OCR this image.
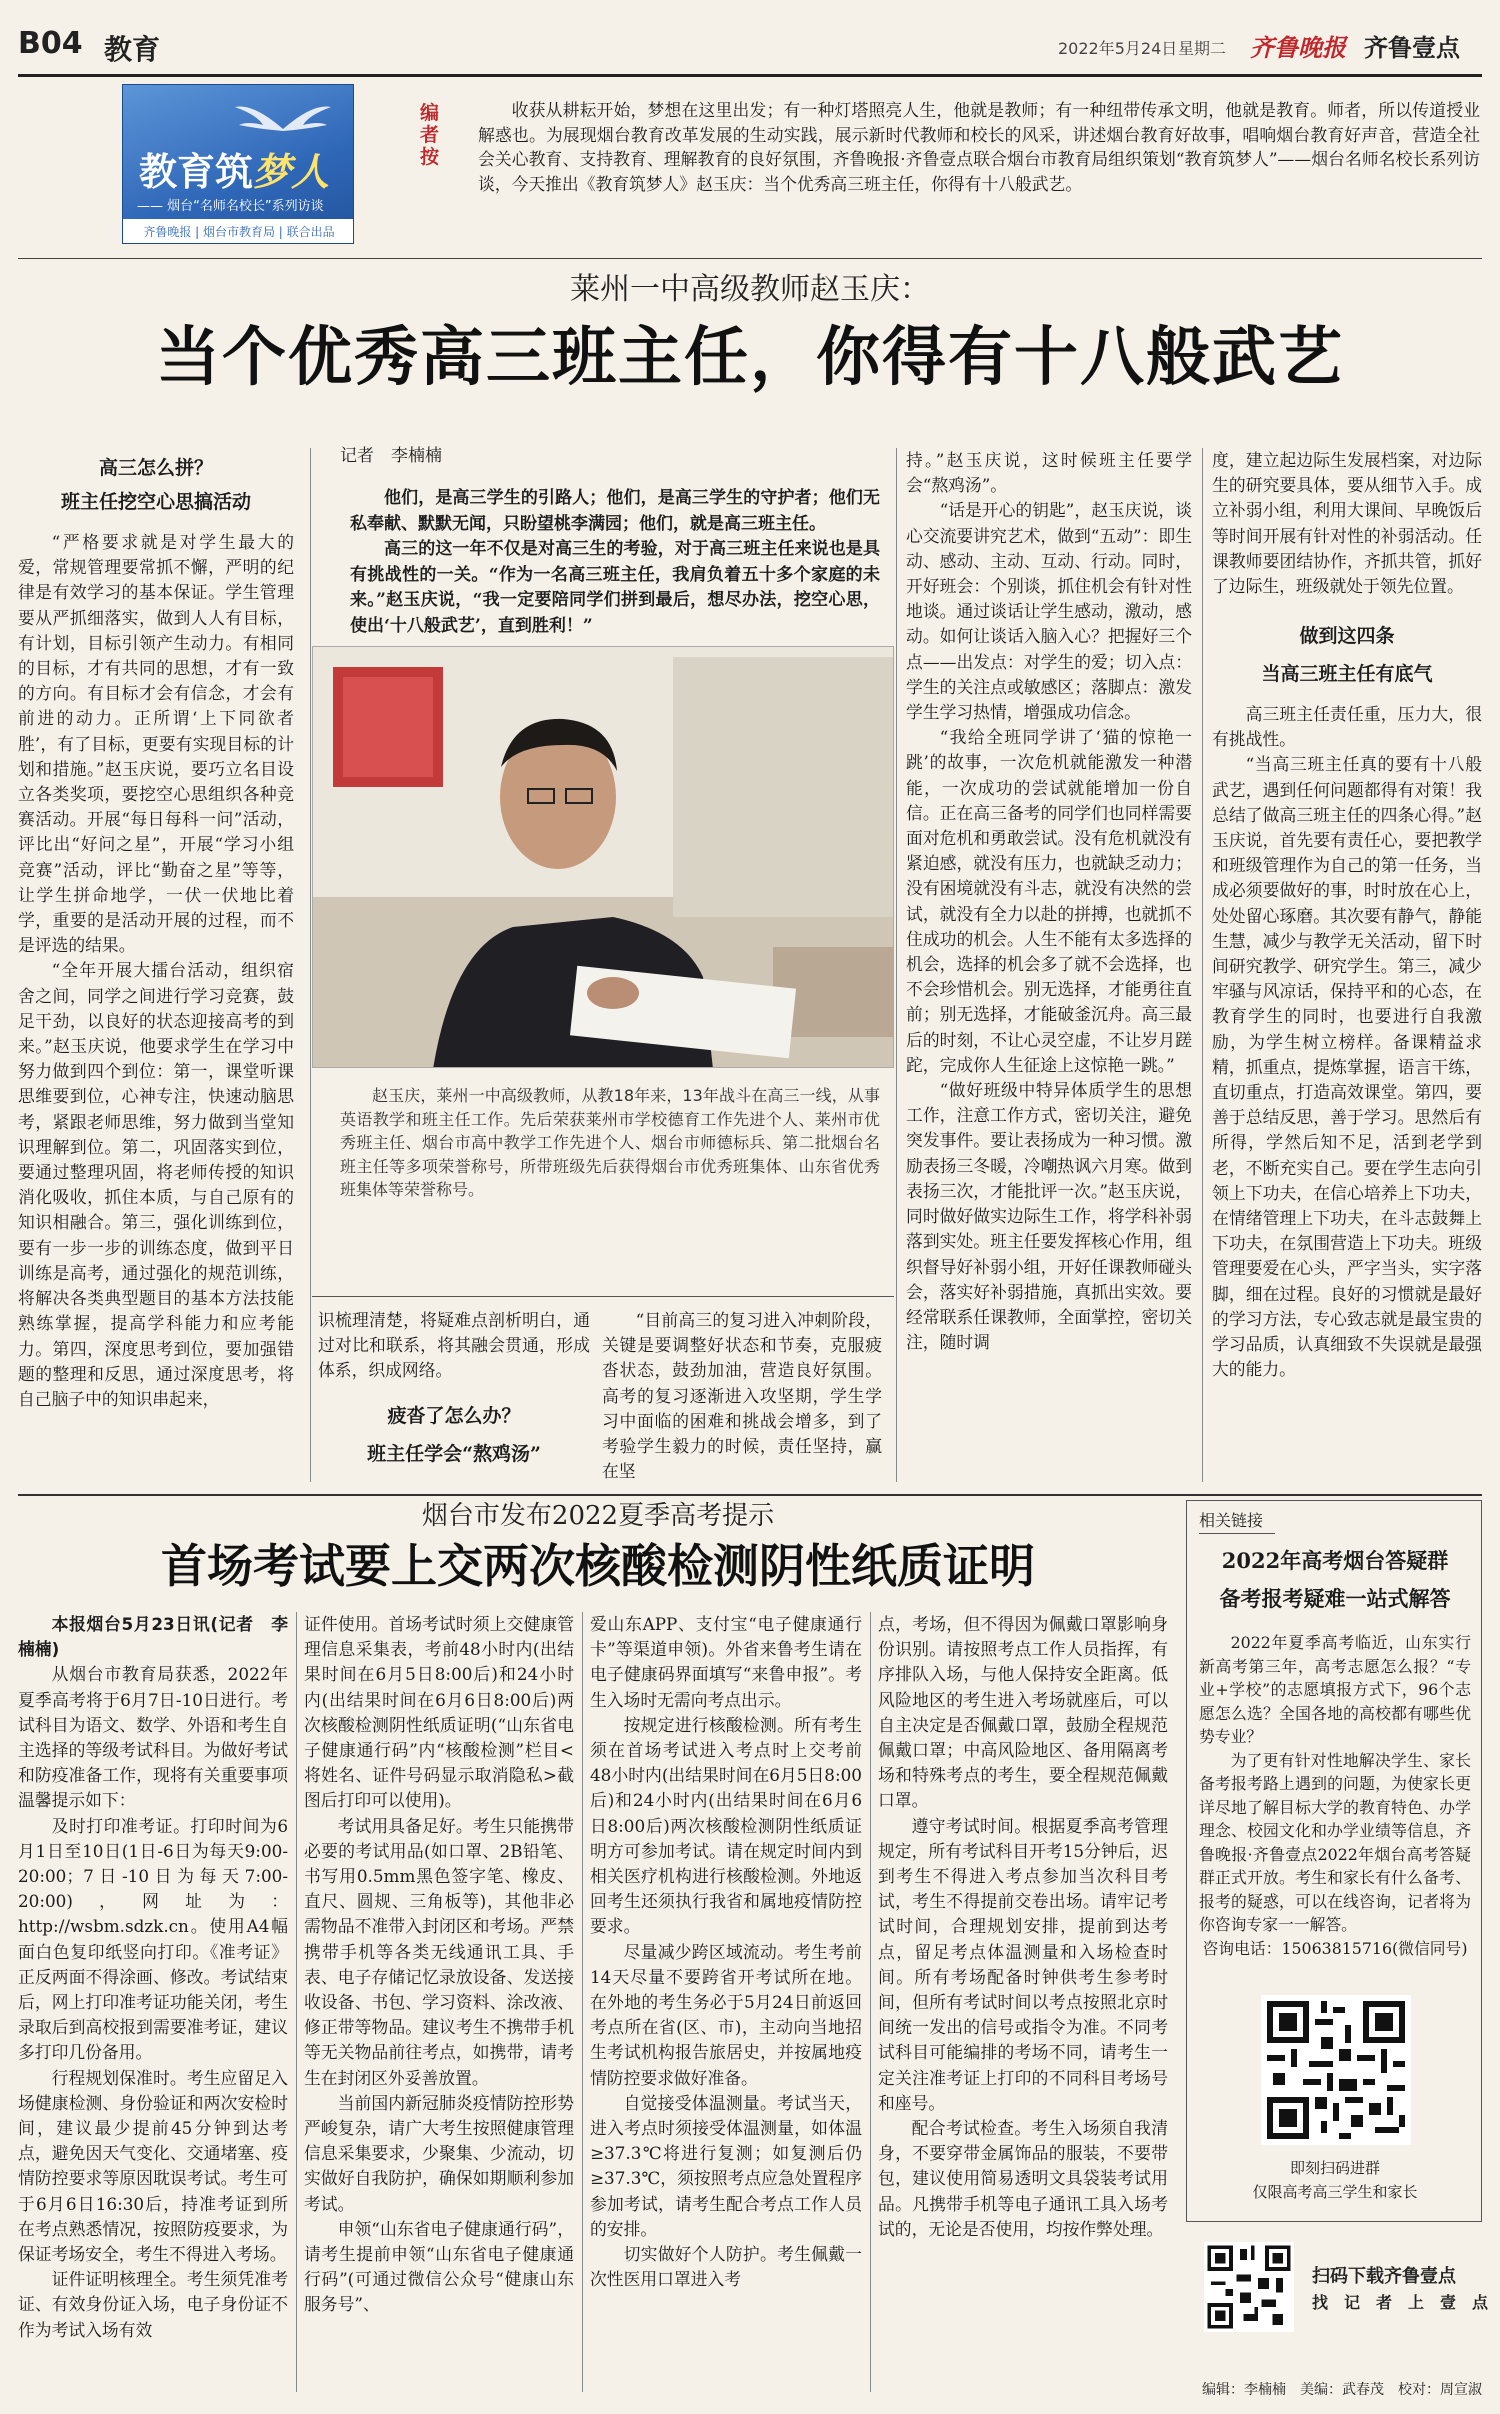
B04 教育	2022年5月24日 星期二 齐鲁晚报 齐鲁壹点
教育筑梦人
—— 烟台“名师名校长”系列访谈
齐鲁晚报 | 烟台市教育局 | 联合出品
编者按
收获从耕耘开始，梦想在这里出发；有一种灯塔照亮人生，他就是教师；有一种纽带传承文明，他就是教育。师者，所以传道授业解惑也。为展现烟台教育改革发展的生动实践，展示新时代教师和校长的风采，讲述烟台教育好故事，唱响烟台教育好声音，营造全社会关心教育、支持教育、理解教育的良好氛围，齐鲁晚报·齐鲁壹点联合烟台市教育局组织策划“教育筑梦人”——烟台名师名校长系列访谈，今天推出《教育筑梦人》赵玉庆：当个优秀高三班主任，你得有十八般武艺。
莱州一中高级教师赵玉庆：
当个优秀高三班主任，你得有十八般武艺
高三怎么拼？
班主任挖空心思搞活动

“严格要求就是对学生最大的爱，常规管理要常抓不懈，严明的纪律是有效学习的基本保证。学生管理要从严抓细落实，做到人人有目标，有计划，目标引领产生动力。有相同的目标，才有共同的思想，才有一致的方向。有目标才会有信念，才会有前进的动力。正所谓‘上下同欲者胜’，有了目标，更要有实现目标的计划和措施。”赵玉庆说，要巧立名目设立各类奖项，要挖空心思组织各种竞赛活动。开展“每日每科一问”活动，评比出“好问之星”，开展“学习小组竞赛”活动，评比“勤奋之星”等等，让学生拼命地学，一伏一伏地比着学，重要的是活动开展的过程，而不是评选的结果。

“全年开展大擂台活动，组织宿舍之间，同学之间进行学习竞赛，鼓足干劲，以良好的状态迎接高考的到来。”赵玉庆说，他要求学生在学习中努力做到四个到位：第一，课堂听课思维要到位，心神专注，快速动脑思考，紧跟老师思维，努力做到当堂知识理解到位。第二，巩固落实到位，要通过整理巩固，将老师传授的知识消化吸收，抓住本质，与自己原有的知识相融合。第三，强化训练到位，要有一步一步的训练态度，做到平日训练是高考，通过强化的规范训练，将解决各类典型题目的基本方法技能熟练掌握，提高学科能力和应考能力。第四，深度思考到位，要加强错题的整理和反思，通过深度思考，将自己脑子中的知识串起来，

记者　李楠楠

他们，是高三学生的引路人；他们，是高三学生的守护者；他们无私奉献、默默无闻，只盼望桃李满园；他们，就是高三班主任。

高三的这一年不仅是对高三生的考验，对于高三班主任来说也是具有挑战性的一关。“作为一名高三班主任，我肩负着五十多个家庭的未来。”赵玉庆说，“我一定要陪同学们拼到最后，想尽办法，挖空心思，使出‘十八般武艺’，直到胜利！”

赵玉庆，莱州一中高级教师，从教18年来，13年战斗在高三一线，从事英语教学和班主任工作。先后荣获莱州市学校德育工作先进个人、莱州市优秀班主任、烟台市高中教学工作先进个人、烟台市师德标兵、第二批烟台名班主任等多项荣誉称号，所带班级先后获得烟台市优秀班集体、山东省优秀班集体等荣誉称号。

识梳理清楚，将疑难点剖析明白，通过对比和联系，将其融会贯通，形成体系，织成网络。

疲沓了怎么办？
班主任学会“熬鸡汤”

“目前高三的复习进入冲刺阶段，关键是要调整好状态和节奏，克服疲沓状态，鼓劲加油，营造良好氛围。高考的复习逐渐进入攻坚期，学生学习中面临的困难和挑战会增多，到了考验学生毅力的时候，责任坚持，赢在坚

持。”赵玉庆说，这时候班主任要学会“熬鸡汤”。

“话是开心的钥匙”，赵玉庆说，谈心交流要讲究艺术，做到“五动”：即生动、感动、主动、互动、行动。同时，开好班会：个别谈，抓住机会有针对性地谈。通过谈话让学生感动，激动，感动。如何让谈话入脑入心？把握好三个点——出发点：对学生的爱；切入点：学生的关注点或敏感区；落脚点：激发学生学习热情，增强成功信念。

“我给全班同学讲了‘猫的惊艳一跳’的故事，一次危机就能激发一种潜能，一次成功的尝试就能增加一份自信。正在高三备考的同学们也同样需要面对危机和勇敢尝试。没有危机就没有紧迫感，就没有压力，也就缺乏动力；没有困境就没有斗志，就没有决然的尝试，就没有全力以赴的拼搏，也就抓不住成功的机会。人生不能有太多选择的机会，选择的机会多了就不会选择，也不会珍惜机会。别无选择，才能勇往直前；别无选择，才能破釜沉舟。高三最后的时刻，不让心灵空虚，不让岁月蹉跎，完成你人生征途上这惊艳一跳。”

“做好班级中特异体质学生的思想工作，注意工作方式，密切关注，避免突发事件。要让表扬成为一种习惯。激励表扬三冬暖，冷嘲热讽六月寒。做到表扬三次，才能批评一次。”赵玉庆说，同时做好做实边际生工作，将学科补弱落到实处。班主任要发挥核心作用，组织督导好补弱小组，开好任课教师碰头会，落实好补弱措施，真抓出实效。要经常联系任课教师，全面掌控，密切关注，随时调

度，建立起边际生发展档案，对边际生的研究要具体，要从细节入手。成立补弱小组，利用大课间、早晚饭后等时间开展有针对性的补弱活动。任课教师要团结协作，齐抓共管，抓好了边际生，班级就处于领先位置。

做到这四条
当高三班主任有底气

高三班主任责任重，压力大，很有挑战性。

“当高三班主任真的要有十八般武艺，遇到任何问题都得有对策！我总结了做高三班主任的四条心得。”赵玉庆说，首先要有责任心，要把教学和班级管理作为自己的第一任务，当成必须要做好的事，时时放在心上，处处留心琢磨。其次要有静气，静能生慧，减少与教学无关活动，留下时间研究教学、研究学生。第三，减少牢骚与风凉话，保持平和的心态，在教育学生的同时，也要进行自我激励，为学生树立榜样。备课精益求精，抓重点，提炼掌握，语言干练，直切重点，打造高效课堂。第四，要善于总结反思，善于学习。思然后有所得，学然后知不足，活到老学到老，不断充实自己。要在学生志向引领上下功夫，在信心培养上下功夫，在情绪管理上下功夫，在斗志鼓舞上下功夫，在氛围营造上下功夫。班级管理要爱在心头，严字当头，实字落脚，细在过程。良好的习惯就是最好的学习方法，专心致志就是最宝贵的学习品质，认真细致不失误就是最强大的能力。

烟台市发布2022夏季高考提示
首场考试要上交两次核酸检测阴性纸质证明

本报烟台5月23日讯(记者　李楠楠)

从烟台市教育局获悉，2022年夏季高考将于6月7日-10日进行。考试科目为语文、数学、外语和考生自主选择的等级考试科目。为做好考试和防疫准备工作，现将有关重要事项温馨提示如下：

及时打印准考证。打印时间为6月1日至10日(1日-6日为每天9:00-20:00；7日-10日为每天7:00-20:00)，网址为：http://wsbm.sdzk.cn。使用A4幅面白色复印纸竖向打印。《准考证》正反两面不得涂画、修改。考试结束后，网上打印准考证功能关闭，考生录取后到高校报到需要准考证，建议多打印几份备用。

行程规划保准时。考生应留足入场健康检测、身份验证和两次安检时间，建议最少提前45分钟到达考点，避免因天气变化、交通堵塞、疫情防控要求等原因耽误考试。考生可于6月6日16:30后，持准考证到所在考点熟悉情况，按照防疫要求，为保证考场安全，考生不得进入考场。

证件证明核理全。考生须凭准考证、有效身份证入场，电子身份证不作为考试入场有效

证件使用。首场考试时须上交健康管理信息采集表，考前48小时内(出结果时间在6月5日8:00后)和24小时内(出结果时间在6月6日8:00后)两次核酸检测阴性纸质证明(“山东省电子健康通行码”内“核酸检测”栏目<将姓名、证件号码显示取消隐私>截图后打印可以使用)。

考试用具备足好。考生只能携带必要的考试用品(如口罩、2B铅笔、书写用0.5mm黑色签字笔、橡皮、直尺、圆规、三角板等)，其他非必需物品不准带入封闭区和考场。严禁携带手机等各类无线通讯工具、手表、电子存储记忆录放设备、发送接收设备、书包、学习资料、涂改液、修正带等物品。建议考生不携带手机等无关物品前往考点，如携带，请考生在封闭区外妥善放置。

当前国内新冠肺炎疫情防控形势严峻复杂，请广大考生按照健康管理信息采集要求，少聚集、少流动，切实做好自我防护，确保如期顺利参加考试。

申领“山东省电子健康通行码”，请考生提前申领“山东省电子健康通行码”(可通过微信公众号“健康山东服务号”、

爱山东APP、支付宝“电子健康通行卡”等渠道申领)。外省来鲁考生请在电子健康码界面填写“来鲁申报”。考生入场时无需向考点出示。

按规定进行核酸检测。所有考生须在首场考试进入考点时上交考前48小时内(出结果时间在6月5日8:00后)和24小时内(出结果时间在6月6日8:00后)两次核酸检测阴性纸质证明方可参加考试。请在规定时间内到相关医疗机构进行核酸检测。外地返回考生还须执行我省和属地疫情防控要求。

尽量减少跨区域流动。考生考前14天尽量不要跨省开考试所在地。在外地的考生务必于5月24日前返回考点所在省(区、市)，主动向当地招生考试机构报告旅居史，并按属地疫情防控要求做好准备。

自觉接受体温测量。考试当天，进入考点时须接受体温测量，如体温≥37.3℃将进行复测；如复测后仍≥37.3℃，须按照考点应急处置程序参加考试，请考生配合考点工作人员的安排。

切实做好个人防护。考生佩戴一次性医用口罩进入考

点，考场，但不得因为佩戴口罩影响身份识别。请按照考点工作人员指挥，有序排队入场，与他人保持安全距离。低风险地区的考生进入考场就座后，可以自主决定是否佩戴口罩，鼓励全程规范佩戴口罩；中高风险地区、备用隔离考场和特殊考点的考生，要全程规范佩戴口罩。

遵守考试时间。根据夏季高考管理规定，所有考试科目开考15分钟后，迟到考生不得进入考点参加当次科目考试，考生不得提前交卷出场。请牢记考试时间，合理规划安排，提前到达考点，留足考点体温测量和入场检查时间。所有考场配备时钟供考生参考时间，但所有考试时间以考点按照北京时间统一发出的信号或指令为准。不同考试科目可能编排的考场不同，请考生一定关注准考证上打印的不同科目考场号和座号。

配合考试检查。考生入场须自我清身，不要穿带金属饰品的服装，不要带包，建议使用简易透明文具袋装考试用品。凡携带手机等电子通讯工具入场考试的，无论是否使用，均按作弊处理。

相关链接
2022年高考烟台答疑群
备考报考疑难一站式解答

2022年夏季高考临近，山东实行新高考第三年，高考志愿怎么报？“专业+学校”的志愿填报方式下，96个志愿怎么选？全国各地的高校都有哪些优势专业？

为了更有针对性地解决学生、家长备考报考路上遇到的问题，为使家长更详尽地了解目标大学的教育特色、办学理念、校园文化和办学业绩等信息，齐鲁晚报·齐鲁壹点2022年烟台高考答疑群正式开放。考生和家长有什么备考、报考的疑惑，可以在线咨询，记者将为你咨询专家一一解答。

咨询电话：15063815716(微信同号)

即刻扫码进群
仅限高考高三学生和家长
扫码下载齐鲁壹点
找　记　者　上　壹　点
编辑：李楠楠　美编：武春茂　校对：周宣淑
